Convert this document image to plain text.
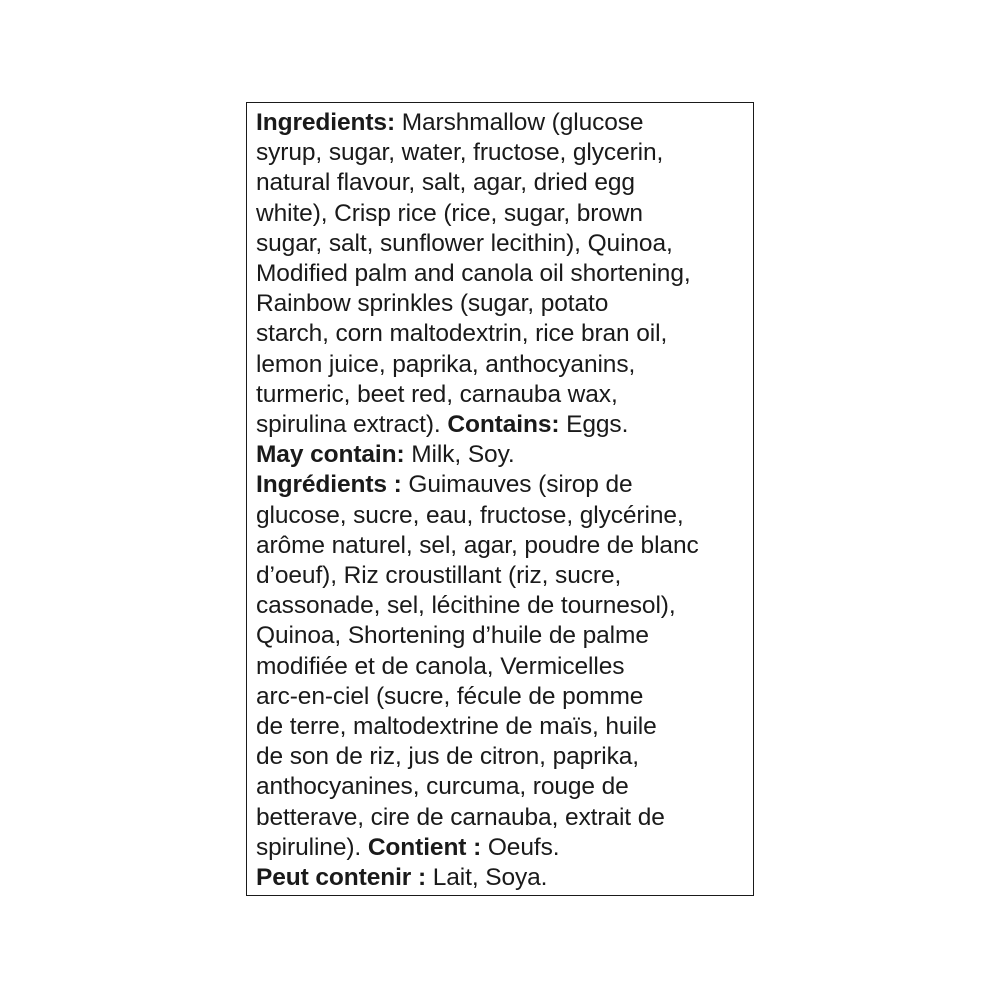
Ingredients: Marshmallow (glucose
syrup, sugar, water, fructose, glycerin,
natural flavour, salt, agar, dried egg
white), Crisp rice (rice, sugar, brown
sugar, salt, sunflower lecithin), Quinoa,
Modified palm and canola oil shortening,
Rainbow sprinkles (sugar, potato
starch, corn maltodextrin, rice bran oil,
lemon juice, paprika, anthocyanins,
turmeric, beet red, carnauba wax,
spirulina extract). Contains: Eggs.
May contain: Milk, Soy.
Ingrédients : Guimauves (sirop de
glucose, sucre, eau, fructose, glycérine,
arôme naturel, sel, agar, poudre de blanc
d’oeuf), Riz croustillant (riz, sucre,
cassonade, sel, lécithine de tournesol),
Quinoa, Shortening d’huile de palme
modifiée et de canola, Vermicelles
arc-en-ciel (sucre, fécule de pomme
de terre, maltodextrine de maïs, huile
de son de riz, jus de citron, paprika,
anthocyanines, curcuma, rouge de
betterave, cire de carnauba, extrait de
spiruline). Contient : Oeufs.
Peut contenir : Lait, Soya.
